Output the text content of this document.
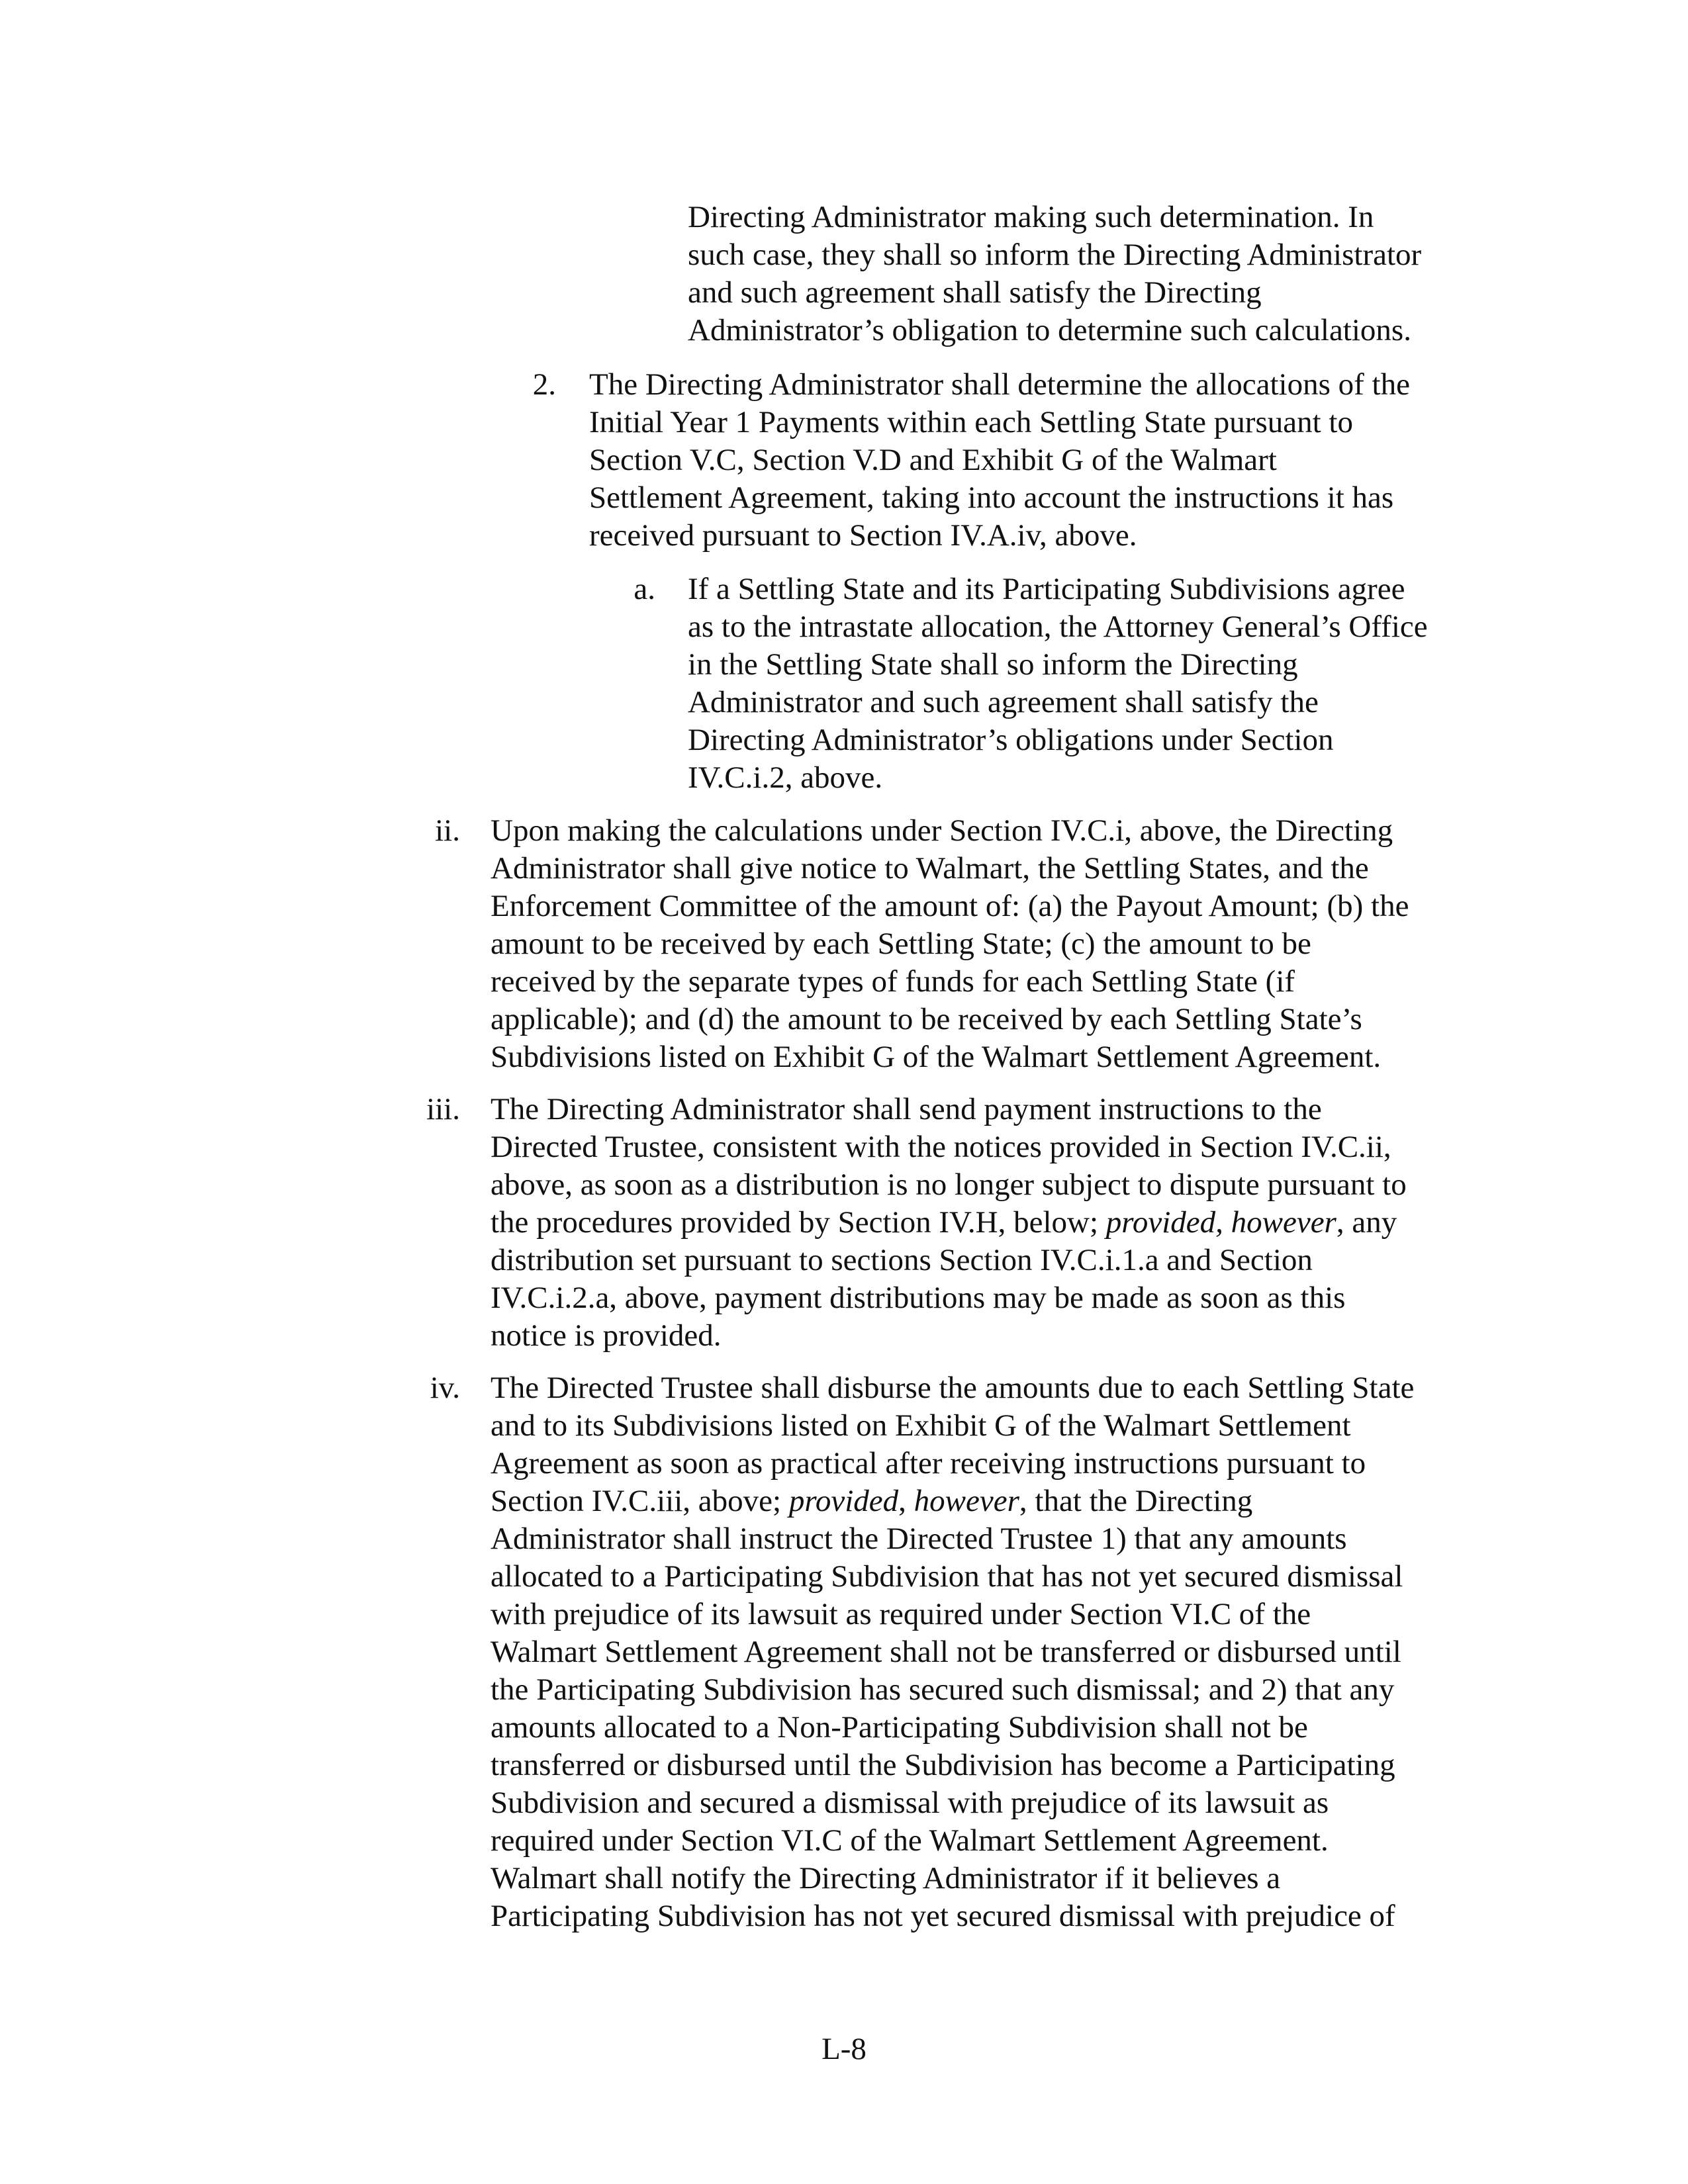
Directing Administrator making such determination. In
such case, they shall so inform the Directing Administrator
and such agreement shall satisfy the Directing
Administrator’s obligation to determine such calculations.
2. The Directing Administrator shall determine the allocations of the
Initial Year 1 Payments within each Settling State pursuant to
Section V.C, Section V.D and Exhibit G of the Walmart
Settlement Agreement, taking into account the instructions it has
received pursuant to Section IV.A.iv, above.
a. If a Settling State and its Participating Subdivisions agree
as to the intrastate allocation, the Attorney General’s Office
in the Settling State shall so inform the Directing
Administrator and such agreement shall satisfy the
Directing Administrator’s obligations under Section
IV.C.i.2, above.
ii. Upon making the calculations under Section IV.C.i, above, the Directing
Administrator shall give notice to Walmart, the Settling States, and the
Enforcement Committee of the amount of: (a) the Payout Amount; (b) the
amount to be received by each Settling State; (c) the amount to be
received by the separate types of funds for each Settling State (if
applicable); and (d) the amount to be received by each Settling State’s
Subdivisions listed on Exhibit G of the Walmart Settlement Agreement.
iii. The Directing Administrator shall send payment instructions to the
Directed Trustee, consistent with the notices provided in Section IV.C.ii,
above, as soon as a distribution is no longer subject to dispute pursuant to
the procedures provided by Section IV.H, below; provided, however, any
distribution set pursuant to sections Section IV.C.i.1.a and Section
IV.C.i.2.a, above, payment distributions may be made as soon as this
notice is provided.
iv. The Directed Trustee shall disburse the amounts due to each Settling State
and to its Subdivisions listed on Exhibit G of the Walmart Settlement
Agreement as soon as practical after receiving instructions pursuant to
Section IV.C.iii, above; provided, however, that the Directing
Administrator shall instruct the Directed Trustee 1) that any amounts
allocated to a Participating Subdivision that has not yet secured dismissal
with prejudice of its lawsuit as required under Section VI.C of the
Walmart Settlement Agreement shall not be transferred or disbursed until
the Participating Subdivision has secured such dismissal; and 2) that any
amounts allocated to a Non-Participating Subdivision shall not be
transferred or disbursed until the Subdivision has become a Participating
Subdivision and secured a dismissal with prejudice of its lawsuit as
required under Section VI.C of the Walmart Settlement Agreement.
Walmart shall notify the Directing Administrator if it believes a
Participating Subdivision has not yet secured dismissal with prejudice of
L-8
